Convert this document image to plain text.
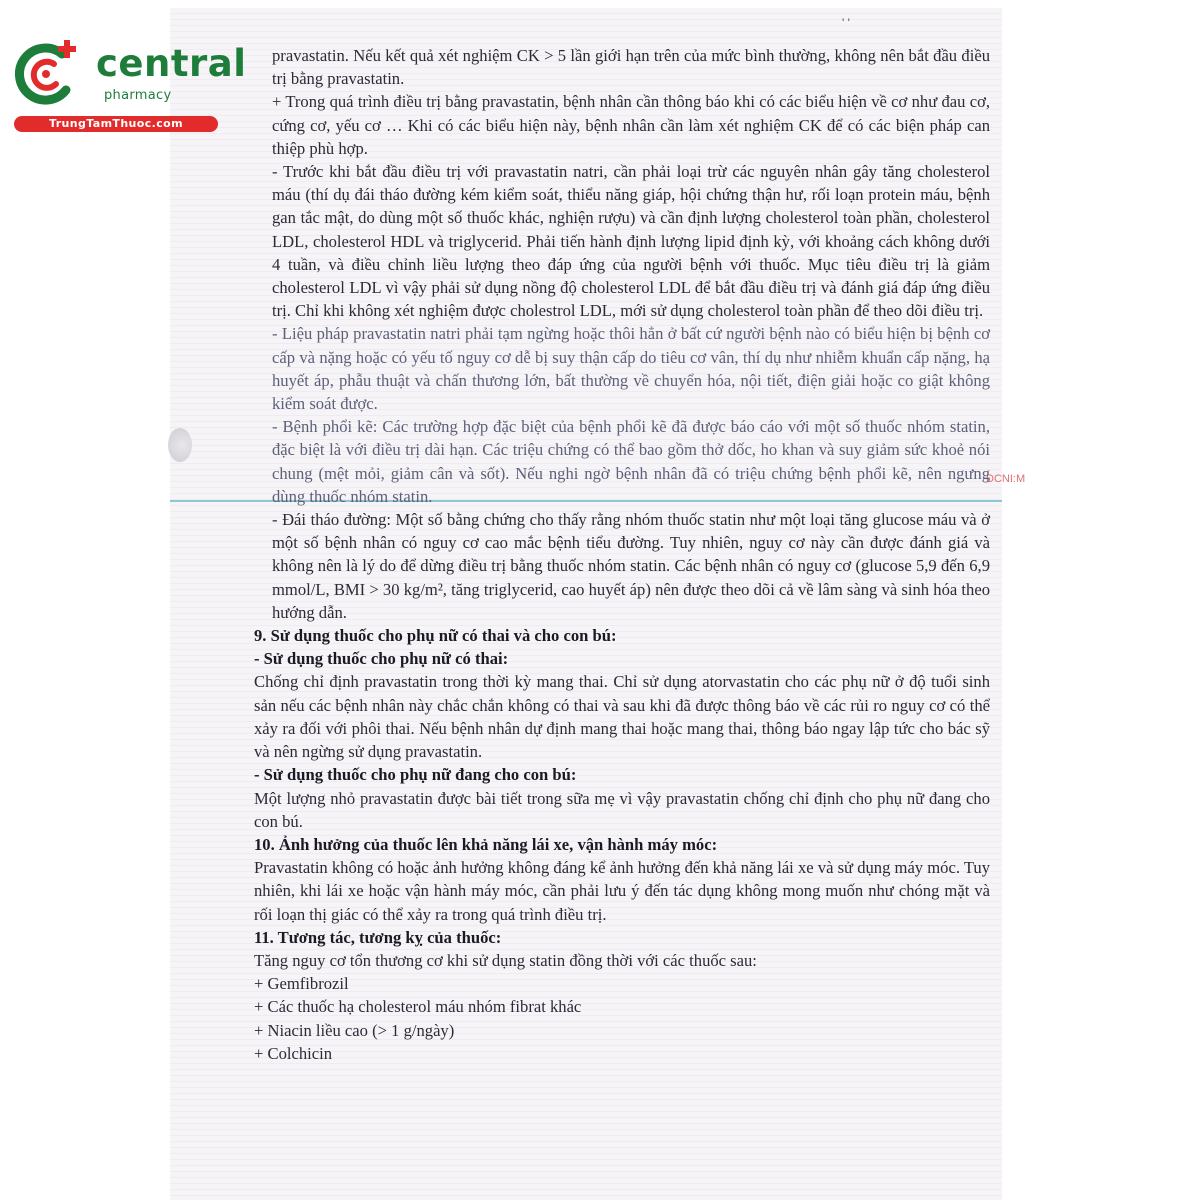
ĐCNI:M
' '
central
pharmacy
TrungTamThuoc.com

pravastatin. Nếu kết quả xét nghiệm CK > 5 lần giới hạn trên của mức bình thường, không nên bắt đầu điều trị bằng pravastatin.

+ Trong quá trình điều trị bằng pravastatin, bệnh nhân cần thông báo khi có các biểu hiện về cơ như đau cơ, cứng cơ, yếu cơ … Khi có các biểu hiện này, bệnh nhân cần làm xét nghiệm CK để có các biện pháp can thiệp phù hợp.

- Trước khi bắt đầu điều trị với pravastatin natri, cần phải loại trừ các nguyên nhân gây tăng cholesterol máu (thí dụ đái tháo đường kém kiểm soát, thiểu năng giáp, hội chứng thận hư, rối loạn protein máu, bệnh gan tắc mật, do dùng một số thuốc khác, nghiện rượu) và cần định lượng cholesterol toàn phần, cholesterol LDL, cholesterol HDL và triglycerid. Phải tiến hành định lượng lipid định kỳ, với khoảng cách không dưới 4 tuần, và điều chỉnh liều lượng theo đáp ứng của người bệnh với thuốc. Mục tiêu điều trị là giảm cholesterol LDL vì vậy phải sử dụng nồng độ cholesterol LDL để bắt đầu điều trị và đánh giá đáp ứng điều trị. Chỉ khi không xét nghiệm được cholestrol LDL, mới sử dụng cholesterol toàn phần để theo dõi điều trị.

- Liệu pháp pravastatin natri phải tạm ngừng hoặc thôi hẳn ở bất cứ người bệnh nào có biểu hiện bị bệnh cơ cấp và nặng hoặc có yếu tố nguy cơ dễ bị suy thận cấp do tiêu cơ vân, thí dụ như nhiễm khuẩn cấp nặng, hạ huyết áp, phẫu thuật và chấn thương lớn, bất thường về chuyển hóa, nội tiết, điện giải hoặc co giật không kiểm soát được.

- Bệnh phổi kẽ: Các trường hợp đặc biệt của bệnh phổi kẽ đã được báo cáo với một số thuốc nhóm statin, đặc biệt là với điều trị dài hạn. Các triệu chứng có thể bao gồm thở dốc, ho khan và suy giảm sức khoẻ nói chung (mệt mỏi, giảm cân và sốt). Nếu nghi ngờ bệnh nhân đã có triệu chứng bệnh phổi kẽ, nên ngưng dùng thuốc nhóm statin.

- Đái tháo đường: Một số bằng chứng cho thấy rằng nhóm thuốc statin như một loại tăng glucose máu và ở một số bệnh nhân có nguy cơ cao mắc bệnh tiểu đường. Tuy nhiên, nguy cơ này cần được đánh giá và không nên là lý do để dừng điều trị bằng thuốc nhóm statin. Các bệnh nhân có nguy cơ (glucose 5,9 đến 6,9 mmol/L, BMI > 30 kg/m², tăng triglycerid, cao huyết áp) nên được theo dõi cả về lâm sàng và sinh hóa theo hướng dẫn.

9. Sử dụng thuốc cho phụ nữ có thai và cho con bú:

- Sử dụng thuốc cho phụ nữ có thai:

Chống chỉ định pravastatin trong thời kỳ mang thai. Chỉ sử dụng atorvastatin cho các phụ nữ ở độ tuổi sinh sản nếu các bệnh nhân này chắc chắn không có thai và sau khi đã được thông báo về các rủi ro nguy cơ có thể xảy ra đối với phôi thai. Nếu bệnh nhân dự định mang thai hoặc mang thai, thông báo ngay lập tức cho bác sỹ và nên ngừng sử dụng pravastatin.

- Sử dụng thuốc cho phụ nữ đang cho con bú:

Một lượng nhỏ pravastatin được bài tiết trong sữa mẹ vì vậy pravastatin chống chỉ định cho phụ nữ đang cho con bú.

10. Ảnh hưởng của thuốc lên khả năng lái xe, vận hành máy móc:

Pravastatin không có hoặc ảnh hưởng không đáng kể ảnh hưởng đến khả năng lái xe và sử dụng máy móc. Tuy nhiên, khi lái xe hoặc vận hành máy móc, cần phải lưu ý đến tác dụng không mong muốn như chóng mặt và rối loạn thị giác có thể xảy ra trong quá trình điều trị.

11. Tương tác, tương kỵ của thuốc:

Tăng nguy cơ tổn thương cơ khi sử dụng statin đồng thời với các thuốc sau:

+ Gemfibrozil

+ Các thuốc hạ cholesterol máu nhóm fibrat khác

+ Niacin liều cao (> 1 g/ngày)

+ Colchicin
